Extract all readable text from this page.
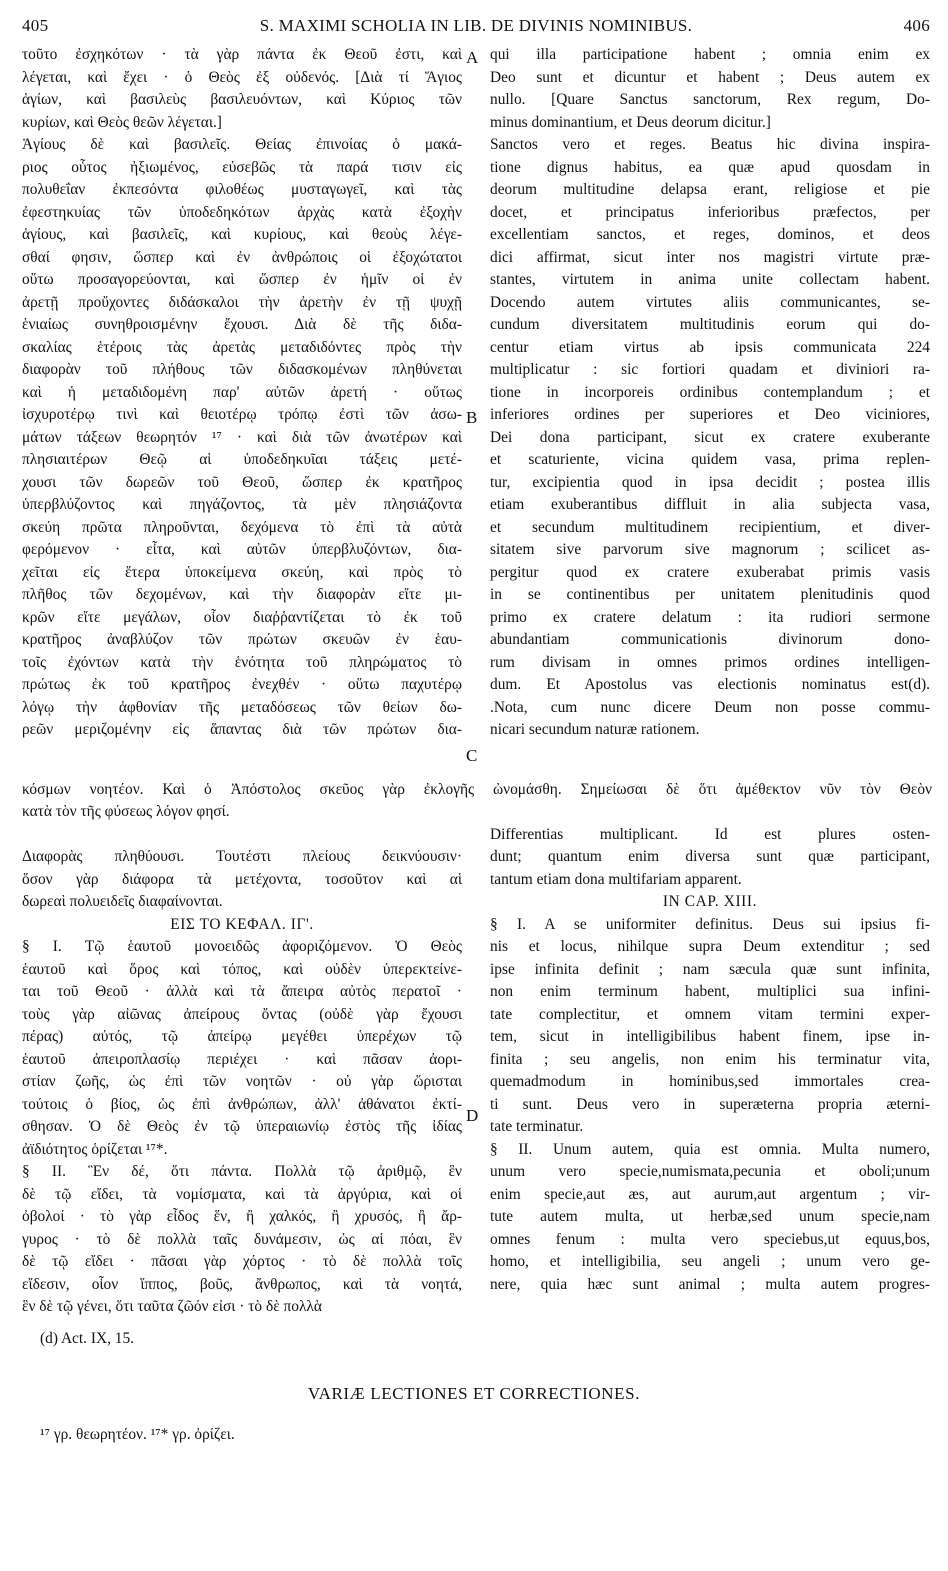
405	S. MAXIMI SCHOLIA IN LIB. DE DIVINIS NOMINIBUS.	406
τοῦτο ἐσχηκότων · τὰ γὰρ πάντα ἐκ Θεοῦ ἐστι, καὶ
λέγεται, καὶ ἔχει · ὁ Θεὸς ἐξ οὐδενός. [Διὰ τί Ἅγιος
ἁγίων, καὶ βασιλεὺς βασιλευόντων, καὶ Κύριος τῶν
κυρίων, καὶ Θεὸς θεῶν λέγεται.]
Ἁγίους δὲ καὶ βασιλεῖς. Θείας ἐπινοίας ὁ μακά-
ριος οὗτος ἠξιωμένος, εὐσεβῶς τὰ παρά τισιν εἰς
πολυθεΐαν ἐκπεσόντα φιλοθέως μυσταγωγεῖ, καὶ τὰς
ἐφεστηκυίας τῶν ὑποδεδηκότων ἀρχὰς κατὰ ἐξοχὴν
ἁγίους, καὶ βασιλεῖς, καὶ κυρίους, καὶ θεοὺς λέγε-
σθαί φησιν, ὥσπερ καὶ ἐν ἀνθρώποις οἱ ἐξοχώτατοι
οὕτω προσαγορεύονται, καὶ ὥσπερ ἐν ἡμῖν οἱ ἐν
ἀρετῇ προὔχοντες διδάσκαλοι τὴν ἀρετὴν ἐν τῇ ψυχῇ
ἑνιαίως συνηθροισμένην ἔχουσι. Διὰ δὲ τῆς διδα-
σκαλίας ἑτέροις τὰς ἀρετὰς μεταδιδόντες πρὸς τὴν
διαφορὰν τοῦ πλήθους τῶν διδασκομένων πληθύνεται
καὶ ἡ μεταδιδομένη παρ' αὐτῶν ἀρετή · οὕτως
ἰσχυροτέρῳ τινὶ καὶ θειοτέρῳ τρόπῳ ἐστὶ τῶν ἀσω-
μάτων τάξεων θεωρητόν ¹⁷ · καὶ διὰ τῶν ἀνωτέρων καὶ
πλησιαιτέρων Θεῷ αἱ ὑποδεδηκυῖαι τάξεις μετέ-
χουσι τῶν δωρεῶν τοῦ Θεοῦ, ὥσπερ ἐκ κρατῆρος
ὑπερβλύζοντος καὶ πηγάζοντος, τὰ μὲν πλησιάζοντα
σκεύη πρῶτα πληροῦνται, δεχόμενα τὸ ἐπὶ τὰ αὐτὰ
φερόμενον · εἶτα, καὶ αὐτῶν ὑπερβλυζόντων, δια-
χεῖται εἰς ἕτερα ὑποκείμενα σκεύη, καὶ πρὸς τὸ
πλῆθος τῶν δεχομένων, καὶ τὴν διαφορὰν εἴτε μι-
κρῶν εἴτε μεγάλων, οἷον διαῤῥαντίζεται τὸ ἐκ τοῦ
κρατῆρος ἀναβλύζον τῶν πρώτων σκευῶν ἐν ἑαυ-
τοῖς ἐχόντων κατὰ τὴν ἑνότητα τοῦ πληρώματος τὸ
πρώτως ἐκ τοῦ κρατῆρος ἐνεχθέν · οὕτω παχυτέρῳ
λόγῳ τὴν ἀφθονίαν τῆς μεταδόσεως τῶν θείων δω-
ρεῶν μεριζομένην εἰς ἅπαντας διὰ τῶν πρώτων δια-
qui illa participatione habent ; omnia enim ex
Deo sunt et dicuntur et habent ; Deus autem ex
nullo. [Quare Sanctus sanctorum, Rex regum, Do-
minus dominantium, et Deus deorum dicitur.]
Sanctos vero et reges. Beatus hic divina inspira-
tione dignus habitus, ea quæ apud quosdam in
deorum multitudine delapsa erant, religiose et pie
docet, et principatus inferioribus præfectos, per
excellentiam sanctos, et reges, dominos, et deos
dici affirmat, sicut inter nos magistri virtute præ-
stantes, virtutem in anima unite collectam habent.
Docendo autem virtutes aliis communicantes, se-
cundum diversitatem multitudinis eorum qui do-
centur etiam virtus ab ipsis communicata 224
multiplicatur : sic fortiori quadam et diviniori ra-
tione in incorporeis ordinibus contemplandum ; et
inferiores ordines per superiores et Deo viciniores,
Dei dona participant, sicut ex cratere exuberante
et scaturiente, vicina quidem vasa, prima replen-
tur, excipientia quod in ipsa decidit ; postea illis
etiam exuberantibus diffluit in alia subjecta vasa,
et secundum multitudinem recipientium, et diver-
sitatem sive parvorum sive magnorum ; scilicet as-
pergitur quod ex cratere exuberabat primis vasis
in se continentibus per unitatem plenitudinis quod
primo ex cratere delatum : ita rudiori sermone
abundantiam communicationis divinorum dono-
rum divisam in omnes primos ordines intelligen-
dum. Et Apostolus vas electionis nominatus est(d).
.Nota, cum nunc dicere Deum non posse commu-
nicari secundum naturæ rationem.
A
B
C
D
κόσμων νοητέον. Καὶ ὁ Ἀπόστολος σκεῦος γὰρ ἐκλογῆς ὠνομάσθη. Σημείωσαι δὲ ὅτι ἀμέθεκτον νῦν τὸν Θεὸν
κατὰ τὸν τῆς φύσεως λόγον φησί.
Διαφορὰς πληθύουσι. Τουτέστι πλείους δεικνύουσιν·
ὅσον γὰρ διάφορα τὰ μετέχοντα, τοσοῦτον καὶ αἱ
δωρεαὶ πολυειδεῖς διαφαίνονται.
ΕΙΣ ΤΟ ΚΕΦΑΛ. ΙΓ'.
§ I. Τῷ ἑαυτοῦ μονοειδῶς ἀφοριζόμενον. Ὁ Θεὸς
ἑαυτοῦ καὶ ὅρος καὶ τόπος, καὶ οὐδὲν ὑπερεκτείνε-
ται τοῦ Θεοῦ · ἀλλὰ καὶ τὰ ἄπειρα αὐτὸς περατοῖ ·
τοὺς γὰρ αἰῶνας ἀπείρους ὄντας (οὐδὲ γὰρ ἔχουσι
πέρας) αὐτός, τῷ ἀπείρῳ μεγέθει ὑπερέχων τῷ
ἑαυτοῦ ἀπειροπλασίῳ περιέχει · καὶ πᾶσαν ἀορι-
στίαν ζωῆς, ὡς ἐπὶ τῶν νοητῶν · οὐ γὰρ ὥρισται
τούτοις ὁ βίος, ὡς ἐπὶ ἀνθρώπων, ἀλλ' ἀθάνατοι ἐκτί-
σθησαν. Ὁ δὲ Θεὸς ἐν τῷ ὑπεραιωνίῳ ἐστὸς τῆς ἰδίας
ἀϊδιότητος ὁρίζεται ¹⁷*.
§ II. Ἓν δέ, ὅτι πάντα. Πολλὰ τῷ ἀριθμῷ, ἓν
δὲ τῷ εἴδει, τὰ νομίσματα, καὶ τὰ ἀργύρια, καὶ οἱ
ὀβολοί · τὸ γὰρ εἶδος ἕν, ἢ χαλκός, ἢ χρυσός, ἢ ἄρ-
γυρος · τὸ δὲ πολλὰ ταῖς δυνάμεσιν, ὡς αἱ πόαι, ἓν
δὲ τῷ εἴδει · πᾶσαι γὰρ χόρτος · τὸ δὲ πολλὰ τοῖς
εἴδεσιν, οἷον ἵππος, βοῦς, ἄνθρωπος, καὶ τὰ νοητά,
ἓν δὲ τῷ γένει, ὅτι ταῦτα ζῶόν εἰσι · τὸ δὲ πολλὰ
Differentias multiplicant. Id est plures osten-
dunt; quantum enim diversa sunt quæ participant,
tantum etiam dona multifariam apparent.
IN CAP. XIII.
§ I. A se uniformiter definitus. Deus sui ipsius fi-
nis et locus, nihilque supra Deum extenditur ; sed
ipse infinita definit ; nam sæcula quæ sunt infinita,
non enim terminum habent, multiplici sua infini-
tate complectitur, et omnem vitam termini exper-
tem, sicut in intelligibilibus habent finem, ipse in-
finita ; seu angelis, non enim his terminatur vita,
quemadmodum in hominibus,sed immortales crea-
ti sunt. Deus vero in superæterna propria æterni-
tate terminatur.
§ II. Unum autem, quia est omnia. Multa numero,
unum vero specie,numismata,pecunia et oboli;unum
enim specie,aut æs, aut aurum,aut argentum ; vir-
tute autem multa, ut herbæ,sed unum specie,nam
omnes fenum : multa vero speciebus,ut equus,bos,
homo, et intelligibilia, seu angeli ; unum vero ge-
nere, quia hæc sunt animal ; multa autem progres-
(d) Act. IX, 15.
VARIÆ LECTIONES ET CORRECTIONES.
¹⁷ γρ. θεωρητέον. ¹⁷* γρ. ὀρίζει.
